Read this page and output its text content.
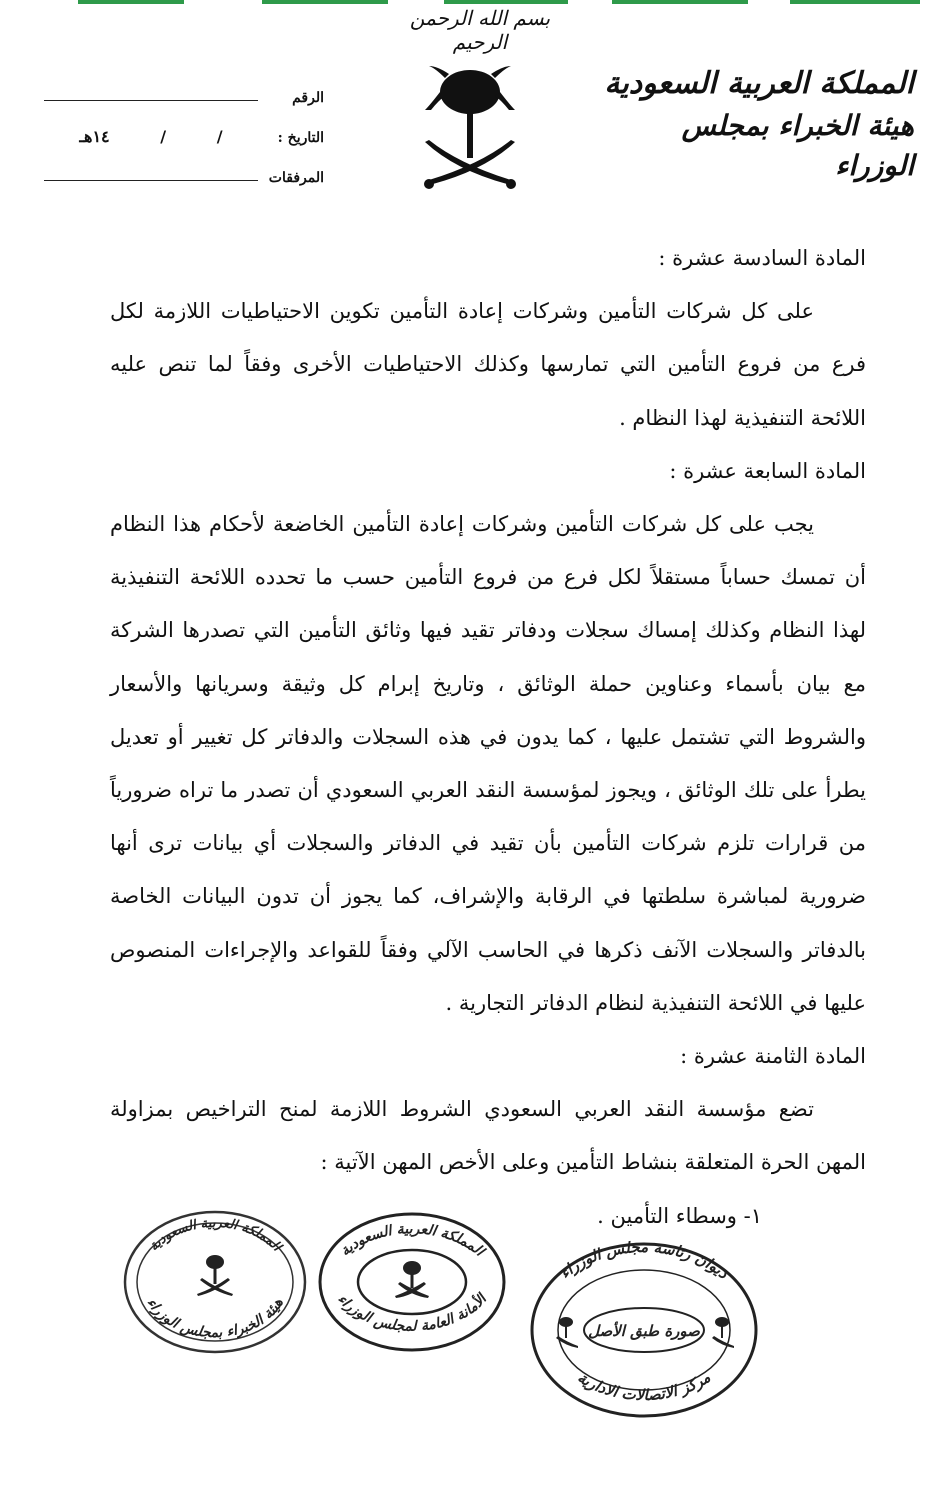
بسم الله الرحمن الرحيم
المملكة العربية السعودية
هيئة الخبراء بمجلس الوزراء
الرقم
التاريخ :
١٤هـ	/	/
المرفقات
المادة السادسة عشرة :
على كل شركات التأمين وشركات إعادة التأمين تكوين الاحتياطيات اللازمة لكل فرع من فروع التأمين التي تمارسها وكذلك الاحتياطيات الأخرى وفقاً لما تنص عليه اللائحة التنفيذية لهذا النظام .
المادة السابعة عشرة :
يجب على كل شركات التأمين وشركات إعادة التأمين الخاضعة لأحكام هذا النظام أن تمسك حساباً مستقلاً لكل فرع من فروع التأمين حسب ما تحدده اللائحة التنفيذية لهذا النظام وكذلك إمساك سجلات ودفاتر تقيد فيها وثائق التأمين التي تصدرها الشركة مع بيان بأسماء وعناوين حملة الوثائق ، وتاريخ إبرام كل وثيقة وسريانها والأسعار والشروط التي تشتمل عليها ، كما يدون في هذه السجلات والدفاتر كل تغيير أو تعديل يطرأ على تلك الوثائق ، ويجوز لمؤسسة النقد العربي السعودي أن تصدر ما تراه ضرورياً من قرارات تلزم شركات التأمين بأن تقيد في الدفاتر والسجلات أي بيانات ترى أنها ضرورية لمباشرة سلطتها في الرقابة والإشراف، كما يجوز أن تدون البيانات الخاصة بالدفاتر والسجلات الآنف ذكرها في الحاسب الآلي وفقاً للقواعد والإجراءات المنصوص عليها في اللائحة التنفيذية لنظام الدفاتر التجارية .
المادة الثامنة عشرة :
تضع مؤسسة النقد العربي السعودي الشروط اللازمة لمنح التراخيص بمزاولة المهن الحرة المتعلقة بنشاط التأمين وعلى الأخص المهن الآتية :
١- وسطاء التأمين .
المملكة العربية السعودية
هيئة الخبراء بمجلس الوزراء
المملكة العربية السعودية
الأمانة العامة لمجلس الوزراء
صورة طبق الأصل
ديوان رئاسة مجلس الوزراء
مركز الاتصالات الادارية
